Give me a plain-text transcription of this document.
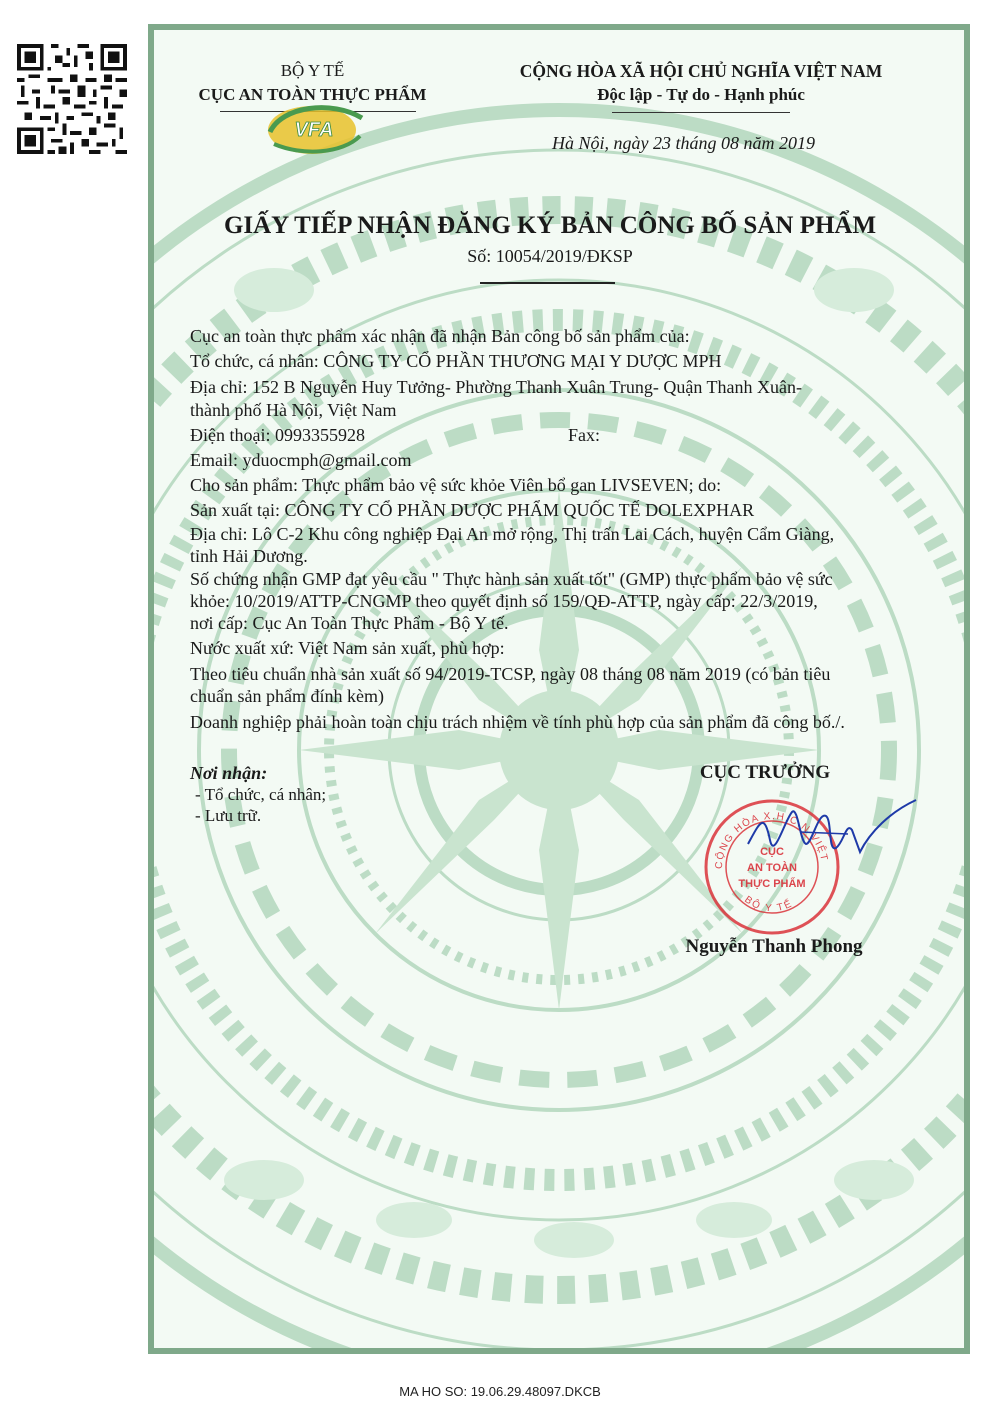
BỘ Y TẾ
CỤC AN TOÀN THỰC PHẨM
VFA
CỘNG HÒA XÃ HỘI CHỦ NGHĨA VIỆT NAM
Độc lập - Tự do - Hạnh phúc
Hà Nội, ngày 23 tháng 08 năm 2019
GIẤY TIẾP NHẬN ĐĂNG KÝ BẢN CÔNG BỐ SẢN PHẨM
Số: 10054/2019/ĐKSP
Cục an toàn thực phẩm xác nhận đã nhận Bản công bố sản phẩm của:
Tổ chức, cá nhân: CÔNG TY CỔ PHẦN THƯƠNG MẠI Y DƯỢC MPH
Địa chỉ: 152 B Nguyễn Huy Tưởng- Phường Thanh Xuân Trung- Quận Thanh Xuân-
thành phố Hà Nội, Việt Nam
Điện thoại: 0993355928	Fax:
Email: yduocmph@gmail.com
Cho sản phẩm: Thực phẩm bảo vệ sức khỏe Viên bổ gan LIVSEVEN; do:
Sản xuất tại: CÔNG TY CỔ PHẦN DƯỢC PHẨM QUỐC TẾ DOLEXPHAR
Địa chỉ: Lô C-2 Khu công nghiệp Đại An mở rộng, Thị trấn Lai Cách, huyện Cẩm Giàng,
tỉnh Hải Dương.
Số chứng nhận GMP đạt yêu cầu " Thực hành sản xuất tốt" (GMP) thực phẩm bảo vệ sức
khỏe: 10/2019/ATTP-CNGMP theo quyết định số 159/QĐ-ATTP, ngày cấp: 22/3/2019,
nơi cấp: Cục An Toàn Thực Phẩm - Bộ Y tế.
Nước xuất xứ: Việt Nam sản xuất, phù hợp:
Theo tiêu chuẩn nhà sản xuất số 94/2019-TCSP, ngày 08 tháng 08 năm 2019 (có bản tiêu
chuẩn sản phẩm đính kèm)
Doanh nghiệp phải hoàn toàn chịu trách nhiệm về tính phù hợp của sản phẩm đã công bố./.
Nơi nhận:
- Tổ chức, cá nhân;
- Lưu trữ.
CỤC TRƯỞNG
CỘNG HÒA X.H.C.N VIỆT
BỘ Y TẾ
CỤC
AN TOÀN
THỰC PHẨM
Nguyễn Thanh Phong
MA HO SO: 19.06.29.48097.DKCB
